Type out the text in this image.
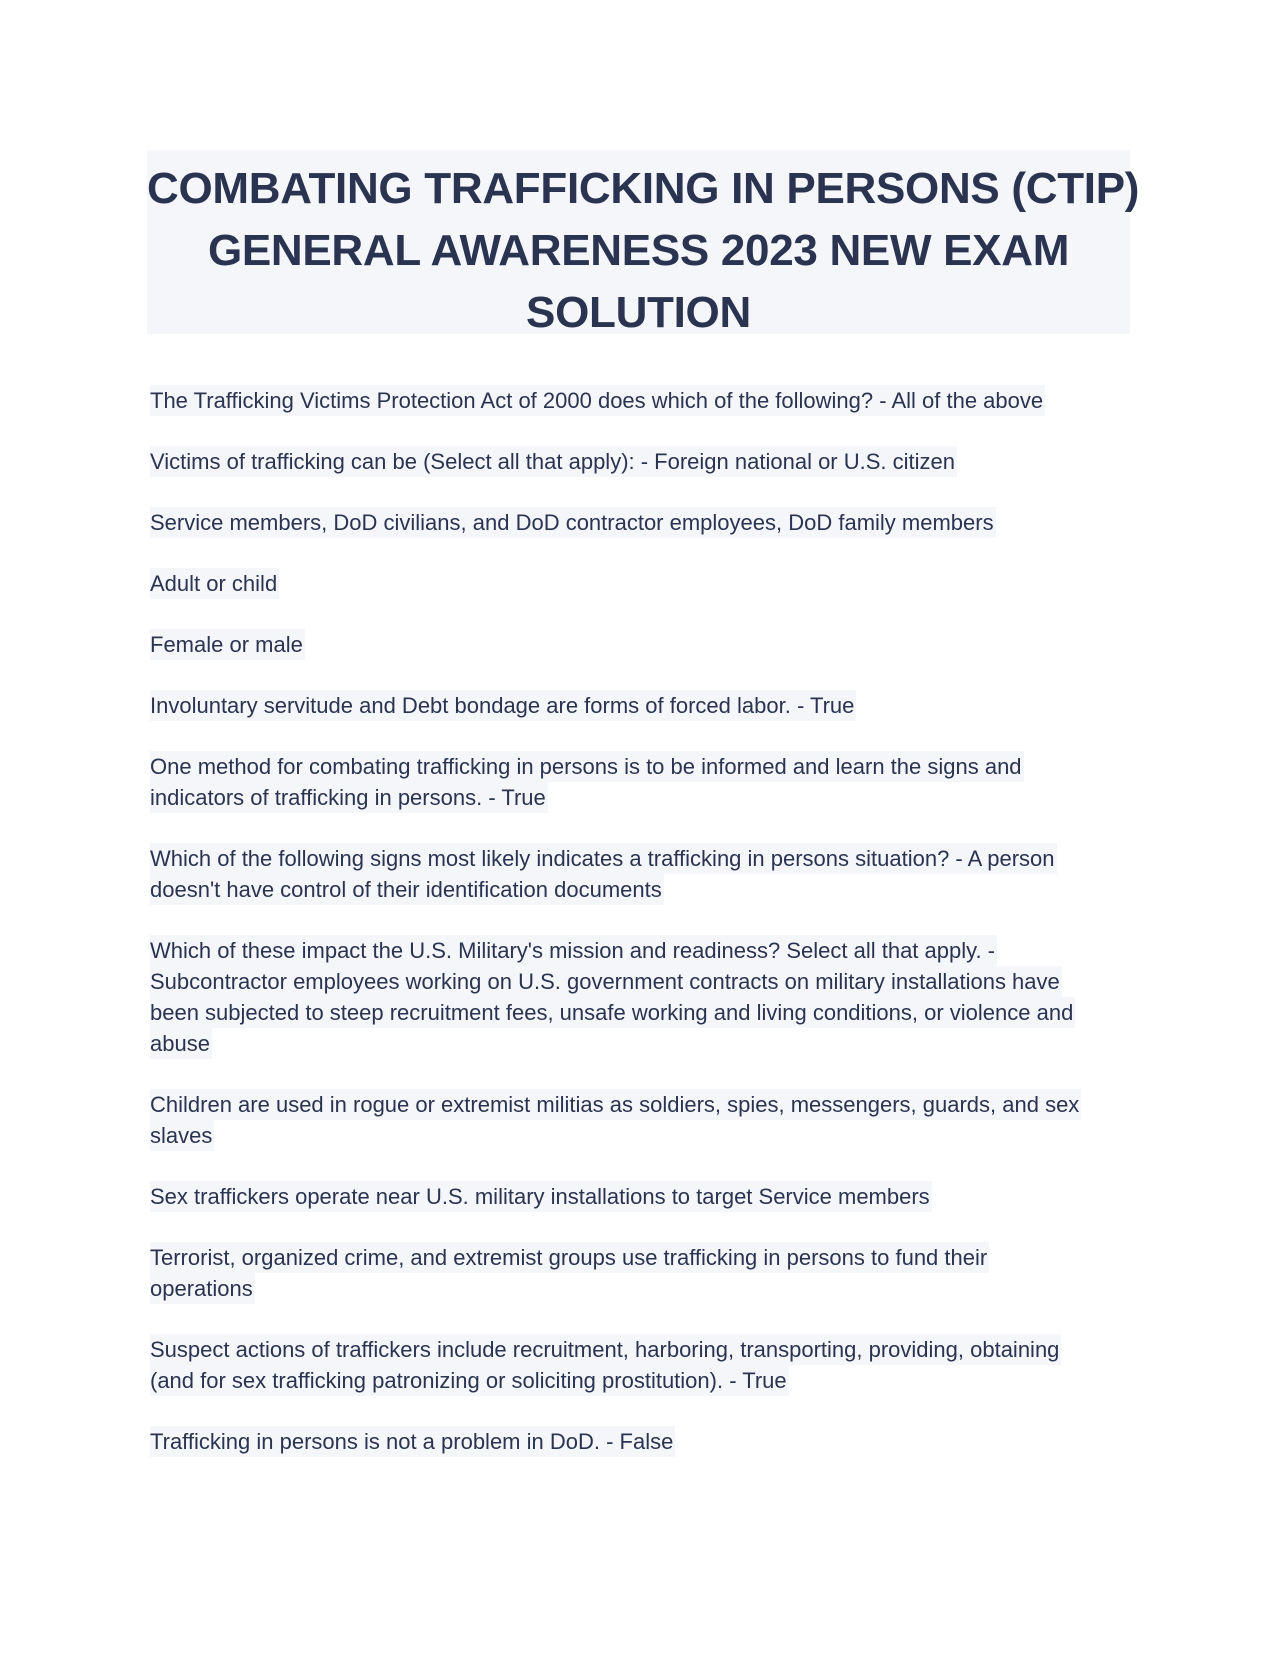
COMBATING TRAFFICKING IN PERSONS (CTIP)
GENERAL AWARENESS 2023 NEW EXAM
SOLUTION
The Trafficking Victims Protection Act of 2000 does which of the following? - All of the above
Victims of trafficking can be (Select all that apply): - Foreign national or U.S. citizen
Service members, DoD civilians, and DoD contractor employees, DoD family members
Adult or child
Female or male
Involuntary servitude and Debt bondage are forms of forced labor. - True
One method for combating trafficking in persons is to be informed and learn the signs and
indicators of trafficking in persons. - True
Which of the following signs most likely indicates a trafficking in persons situation? - A person
doesn't have control of their identification documents
Which of these impact the U.S. Military's mission and readiness? Select all that apply. -
Subcontractor employees working on U.S. government contracts on military installations have
been subjected to steep recruitment fees, unsafe working and living conditions, or violence and
abuse
Children are used in rogue or extremist militias as soldiers, spies, messengers, guards, and sex
slaves
Sex traffickers operate near U.S. military installations to target Service members
Terrorist, organized crime, and extremist groups use trafficking in persons to fund their
operations
Suspect actions of traffickers include recruitment, harboring, transporting, providing, obtaining
(and for sex trafficking patronizing or soliciting prostitution). - True
Trafficking in persons is not a problem in DoD. - False
